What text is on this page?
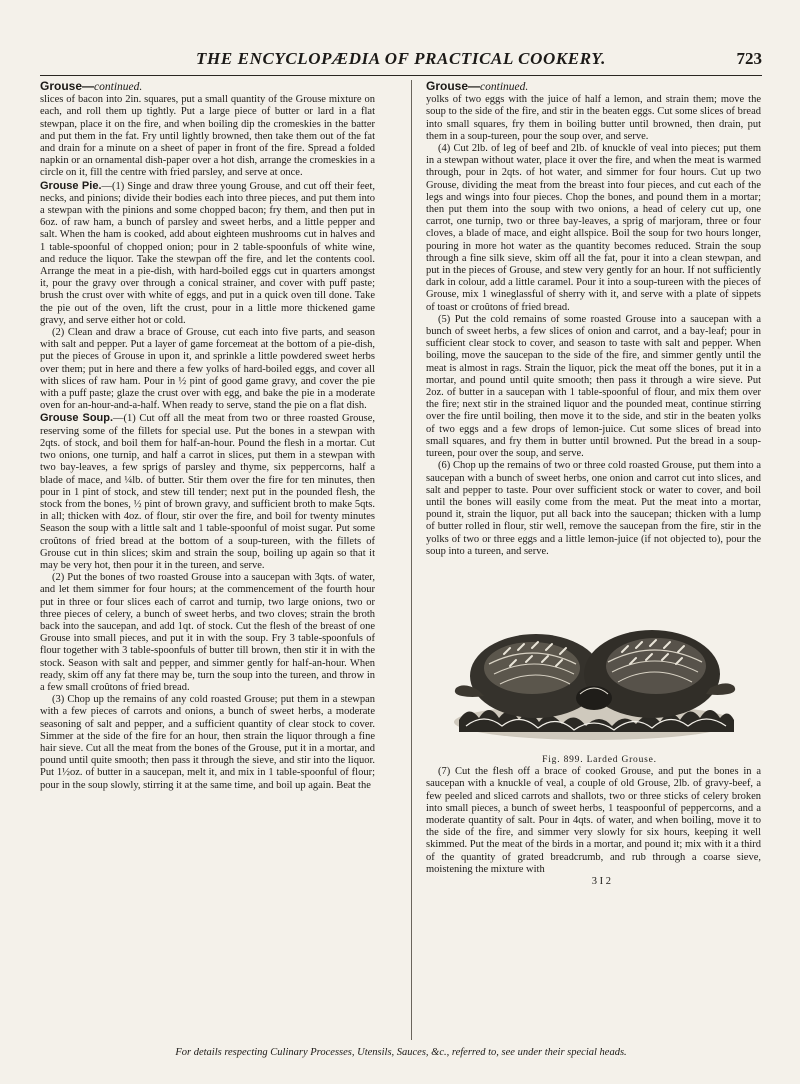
THE ENCYCLOPÆDIA OF PRACTICAL COOKERY.	723
Grouse—continued.

slices of bacon into 2in. squares, put a small quantity of the Grouse mixture on each, and roll them up tightly. Put a large piece of butter or lard in a flat stewpan, place it on the fire, and when boiling dip the cromeskies in the batter and put them in the fat. Fry until lightly browned, then take them out of the fat and drain for a minute on a sheet of paper in front of the fire. Spread a folded napkin or an ornamental dish-paper over a hot dish, arrange the cromeskies in a circle on it, fill the centre with fried parsley, and serve at once.

Grouse Pie.—(1) Singe and draw three young Grouse, and cut off their feet, necks, and pinions; divide their bodies each into three pieces, and put them into a stewpan with the pinions and some chopped bacon; fry them, and then put in 6oz. of raw ham, a bunch of parsley and sweet herbs, and a little pepper and salt. When the ham is cooked, add about eighteen mushrooms cut in halves and 1 table-spoonful of chopped onion; pour in 2 table-spoonfuls of white wine, and reduce the liquor. Take the stewpan off the fire, and let the contents cool. Arrange the meat in a pie-dish, with hard-boiled eggs cut in quarters amongst it, pour the gravy over through a conical strainer, and cover with puff paste; brush the crust over with white of eggs, and put in a quick oven till done. Take the pie out of the oven, lift the crust, pour in a little more thickened game gravy, and serve either hot or cold.

(2) Clean and draw a brace of Grouse, cut each into five parts, and season with salt and pepper. Put a layer of game forcemeat at the bottom of a pie-dish, put the pieces of Grouse in upon it, and sprinkle a little powdered sweet herbs over them; put in here and there a few yolks of hard-boiled eggs, and cover all with slices of raw ham. Pour in ½ pint of good game gravy, and cover the pie with a puff paste; glaze the crust over with egg, and bake the pie in a moderate oven for an-hour-and-a-half. When ready to serve, stand the pie on a flat dish.

Grouse Soup.—(1) Cut off all the meat from two or three roasted Grouse, reserving some of the fillets for special use. Put the bones in a stewpan with 2qts. of stock, and boil them for half-an-hour. Pound the flesh in a mortar. Cut two onions, one turnip, and half a carrot in slices, put them in a stewpan with two bay-leaves, a few sprigs of parsley and thyme, six peppercorns, half a blade of mace, and ¼lb. of butter. Stir them over the fire for ten minutes, then pour in 1 pint of stock, and stew till tender; next put in the pounded flesh, the stock from the bones, ½ pint of brown gravy, and sufficient broth to make 5qts. in all; thicken with 4oz. of flour, stir over the fire, and boil for twenty minutes Season the soup with a little salt and 1 table-spoonful of moist sugar. Put some croûtons of fried bread at the bottom of a soup-tureen, with the fillets of Grouse cut in thin slices; skim and strain the soup, boiling up again so that it may be very hot, then pour it in the tureen, and serve.

(2) Put the bones of two roasted Grouse into a saucepan with 3qts. of water, and let them simmer for four hours; at the commencement of the fourth hour put in three or four slices each of carrot and turnip, two large onions, two or three pieces of celery, a bunch of sweet herbs, and two cloves; strain the broth back into the saucepan, and add 1qt. of stock. Cut the flesh of the breast of one Grouse into small pieces, and put it in with the soup. Fry 3 table-spoonfuls of flour together with 3 table-spoonfuls of butter till brown, then stir it in with the stock. Season with salt and pepper, and simmer gently for half-an-hour. When ready, skim off any fat there may be, turn the soup into the tureen, and throw in a few small croûtons of fried bread.

(3) Chop up the remains of any cold roasted Grouse; put them in a stewpan with a few pieces of carrots and onions, a bunch of sweet herbs, a moderate seasoning of salt and pepper, and a sufficient quantity of clear stock to cover. Simmer at the side of the fire for an hour, then strain the liquor through a fine hair sieve. Cut all the meat from the bones of the Grouse, put it in a mortar, and pound until quite smooth; then pass it through the sieve, and stir into the liquor. Put 1½oz. of butter in a saucepan, melt it, and mix in 1 table-spoonful of flour; pour in the soup slowly, stirring it at the same time, and boil up again. Beat the

Grouse—continued.

yolks of two eggs with the juice of half a lemon, and strain them; move the soup to the side of the fire, and stir in the beaten eggs. Cut some slices of bread into small squares, fry them in boiling butter until browned, then drain, put them in a soup-tureen, pour the soup over, and serve.

(4) Cut 2lb. of leg of beef and 2lb. of knuckle of veal into pieces; put them in a stewpan without water, place it over the fire, and when the meat is warmed through, pour in 2qts. of hot water, and simmer for four hours. Cut up two Grouse, dividing the meat from the breast into four pieces, and cut each of the legs and wings into four pieces. Chop the bones, and pound them in a mortar; then put them into the soup with two onions, a head of celery cut up, one carrot, one turnip, two or three bay-leaves, a sprig of marjoram, three or four cloves, a blade of mace, and eight allspice. Boil the soup for two hours longer, pouring in more hot water as the quantity becomes reduced. Strain the soup through a fine silk sieve, skim off all the fat, pour it into a clean stewpan, and put in the pieces of Grouse, and stew very gently for an hour. If not sufficiently dark in colour, add a little caramel. Pour it into a soup-tureen with the pieces of Grouse, mix 1 wineglassful of sherry with it, and serve with a plate of sippets of toast or croûtons of fried bread.

(5) Put the cold remains of some roasted Grouse into a saucepan with a bunch of sweet herbs, a few slices of onion and carrot, and a bay-leaf; pour in sufficient clear stock to cover, and season to taste with salt and pepper. When boiling, move the saucepan to the side of the fire, and simmer gently until the meat is almost in rags. Strain the liquor, pick the meat off the bones, put it in a mortar, and pound until quite smooth; then pass it through a wire sieve. Put 2oz. of butter in a saucepan with 1 table-spoonful of flour, and mix them over the fire; next stir in the strained liquor and the pounded meat, continue stirring over the fire until boiling, then move it to the side, and stir in the beaten yolks of two eggs and a few drops of lemon-juice. Cut some slices of bread into small squares, and fry them in butter until browned. Put the bread in a soup-tureen, pour over the soup, and serve.

(6) Chop up the remains of two or three cold roasted Grouse, put them into a saucepan with a bunch of sweet herbs, one onion and carrot cut into slices, and salt and pepper to taste. Pour over sufficient stock or water to cover, and boil until the bones will easily come from the meat. Put the meat into a mortar, pound it, strain the liquor, put all back into the saucepan; thicken with a lump of butter rolled in flour, stir well, remove the saucepan from the fire, stir in the yolks of two or three eggs and a little lemon-juice (if not objected to), pour the soup into a tureen, and serve.

Fig. 899. Larded Grouse.

(7) Cut the flesh off a brace of cooked Grouse, and put the bones in a saucepan with a knuckle of veal, a couple of old Grouse, 2lb. of gravy-beef, a few peeled and sliced carrots and shallots, two or three sticks of celery broken into small pieces, a bunch of sweet herbs, 1 teaspoonful of peppercorns, and a moderate quantity of salt. Pour in 4qts. of water, and when boiling, move it to the side of the fire, and simmer very slowly for six hours, keeping it well skimmed. Put the meat of the birds in a mortar, and pound it; mix with it a third of the quantity of grated breadcrumb, and rub through a coarse sieve, moistening the mixture with

3 I 2

For details respecting Culinary Processes, Utensils, Sauces, &c., referred to, see under their special heads.
